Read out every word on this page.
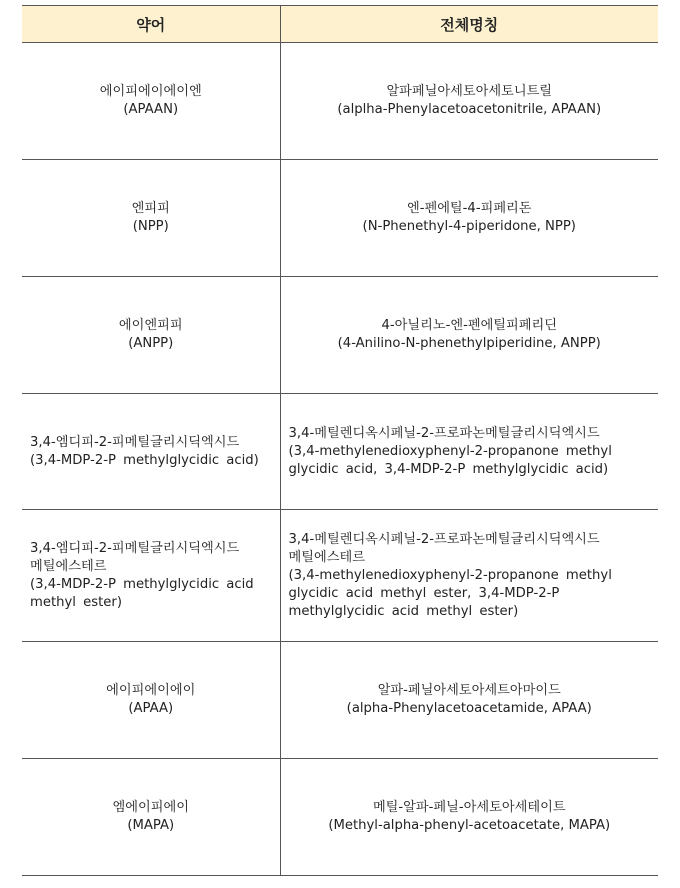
약어	전체명칭

에이피에이에이엔
(APAAN)	알파페닐아세토아세토니트릴
(alplha-Phenylacetoacetonitrile, APAAN)

엔피피
(NPP)	엔-펜에틸-4-피페리돈
(N-Phenethyl-4-piperidone, NPP)

에이엔피피
(ANPP)	4-아닐리노-엔-펜에틸피페리딘
(4-Anilino-N-phenethylpiperidine, ANPP)

3,4-엠디피-2-피메틸글리시딕엑시드
(3,4-MDP-2-P methylglycidic acid)	3,4-메틸렌디옥시페닐-2-프로파논메틸글리시딕엑시드
(3,4-methylenedioxyphenyl-2-propanone methyl
glycidic acid, 3,4-MDP-2-P methylglycidic acid)

3,4-엠디피-2-피메틸글리시딕엑시드
메틸에스테르
(3,4-MDP-2-P methylglycidic acid
methyl ester)	3,4-메틸렌디옥시페닐-2-프로파논메틸글리시딕엑시드
메틸에스테르
(3,4-methylenedioxyphenyl-2-propanone methyl
glycidic acid methyl ester, 3,4-MDP-2-P
methylglycidic acid methyl ester)

에이피에이에이
(APAA)	알파-페닐아세토아세트아마이드
(alpha-Phenylacetoacetamide, APAA)

엠에이피에이
(MAPA)	메틸-알파-페닐-아세토아세테이트
(Methyl-alpha-phenyl-acetoacetate, MAPA)
